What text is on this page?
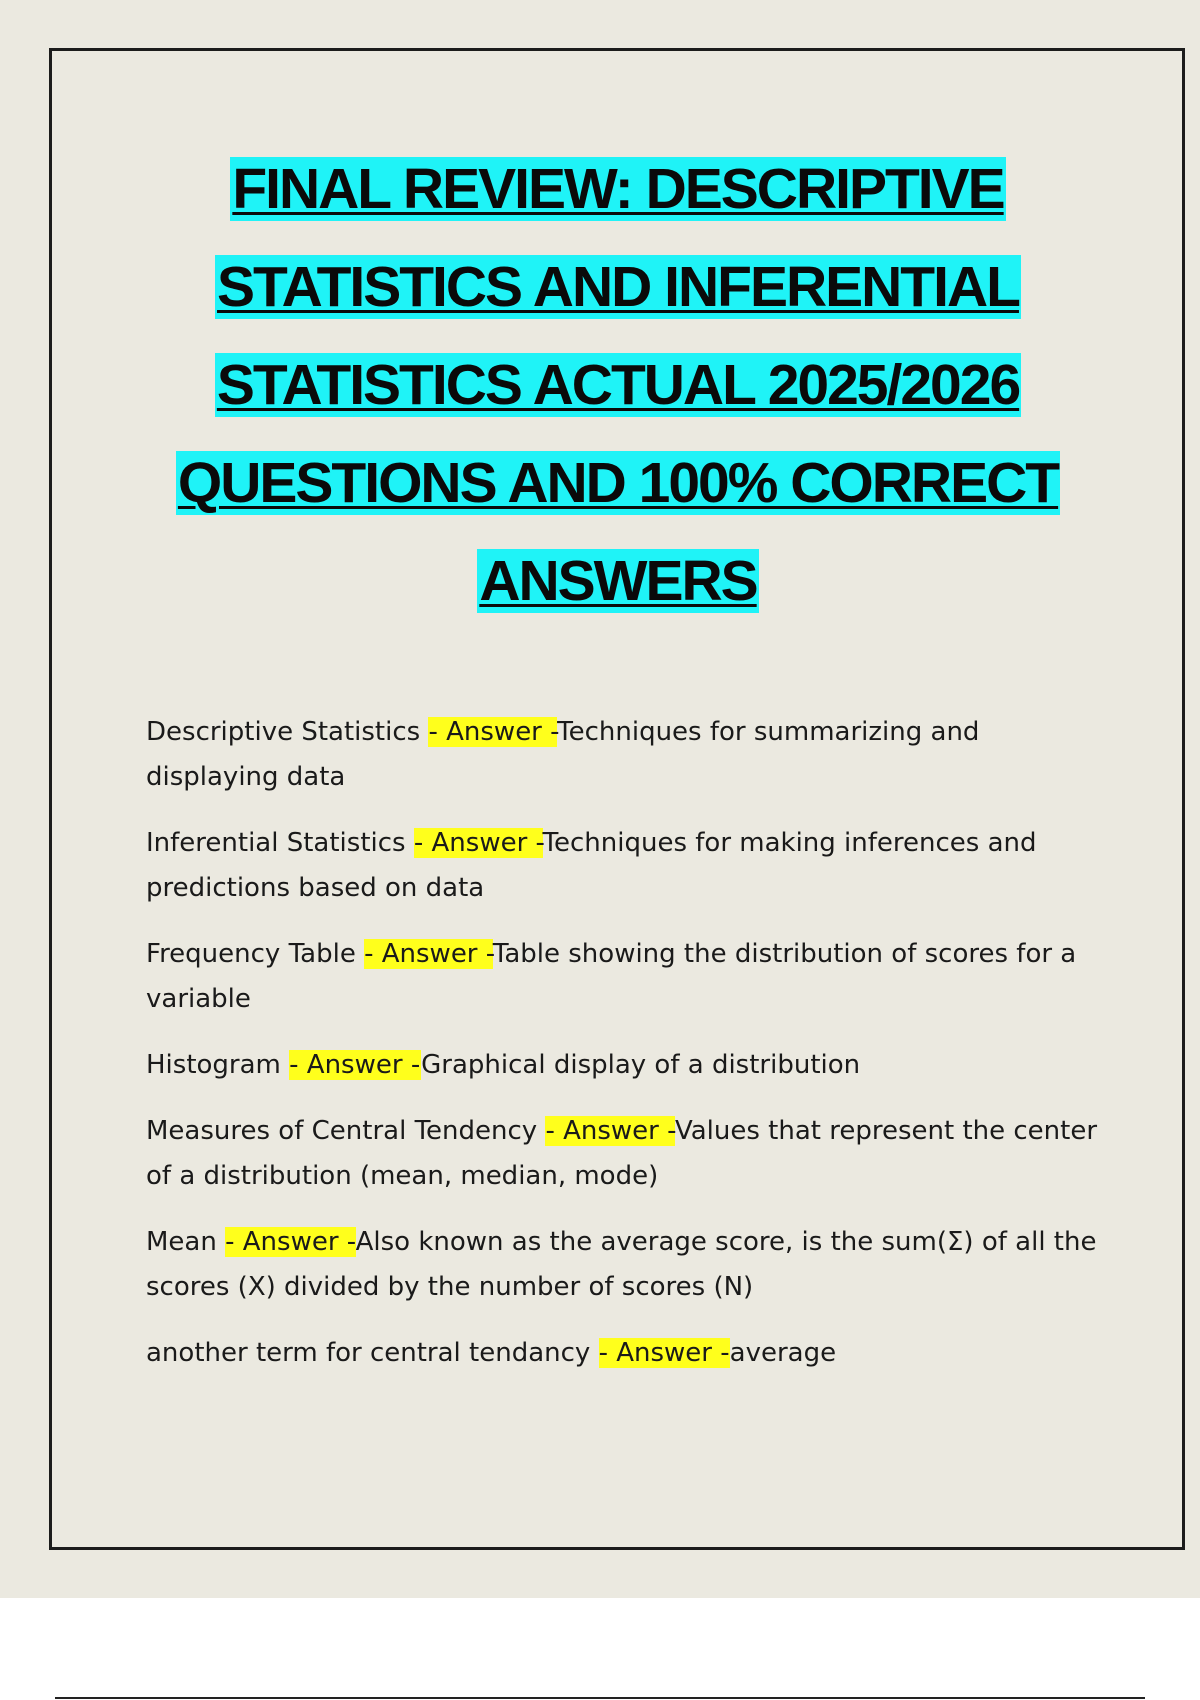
FINAL REVIEW: DESCRIPTIVE
STATISTICS AND INFERENTIAL
STATISTICS ACTUAL 2025/2026
QUESTIONS AND 100% CORRECT
ANSWERS

Descriptive Statistics - Answer -Techniques for summarizing and displaying data

Inferential Statistics - Answer -Techniques for making inferences and predictions based on data

Frequency Table - Answer -Table showing the distribution of scores for a variable

Histogram - Answer -Graphical display of a distribution

Measures of Central Tendency - Answer -Values that represent the center of a distribution (mean, median, mode)

Mean - Answer -Also known as the average score, is the sum(Σ) of all the scores (X) divided by the number of scores (N)

another term for central tendancy - Answer -average
